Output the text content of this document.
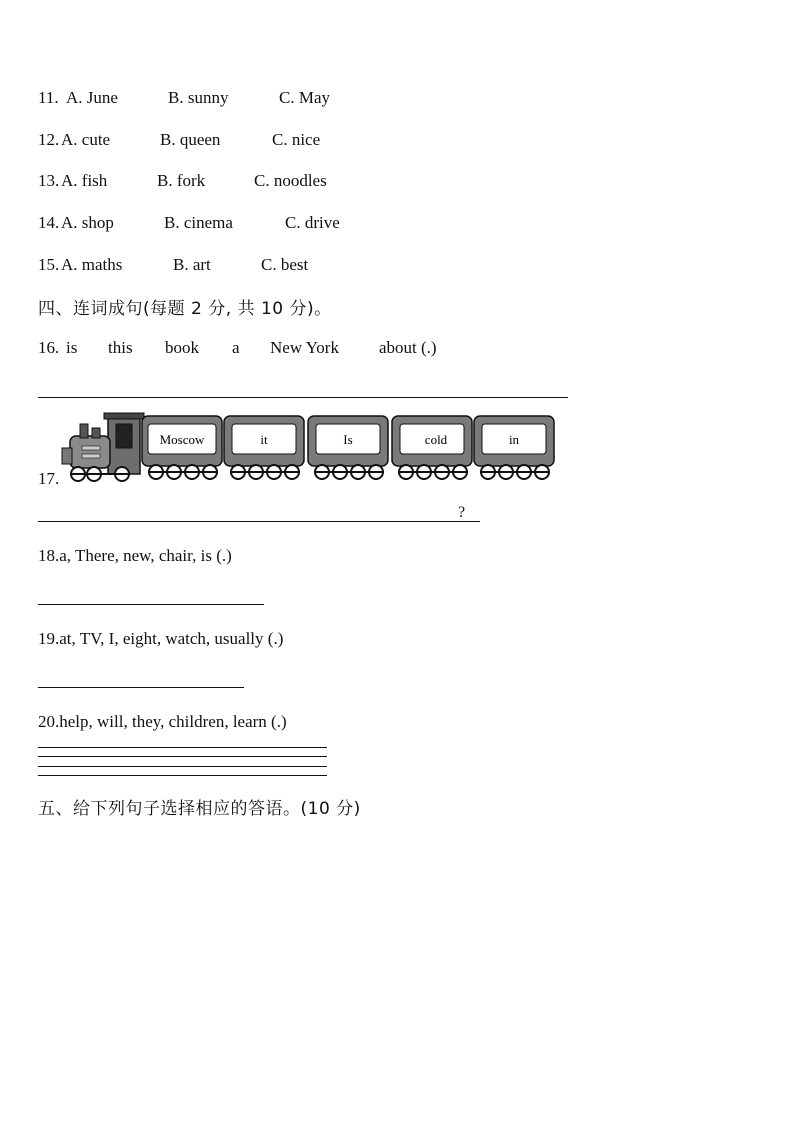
11. A. June	B. sunny	C. May
12. A. cute	B. queen	C. nice
13. A. fish	B. fork	C. noodles
14. A. shop	B. cinema	C. drive
15. A. maths	B. art	C. best
四、连词成句(每题 2 分, 共 10 分)。
16. is this book a New York about (.)
17.
Moscow	it	Is	cold	in
?
18.a, There, new, chair, is (.)
19.at, TV, I, eight, watch, usually (.)
20.help, will, they, children, learn (.)
五、给下列句子选择相应的答语。(10 分)
